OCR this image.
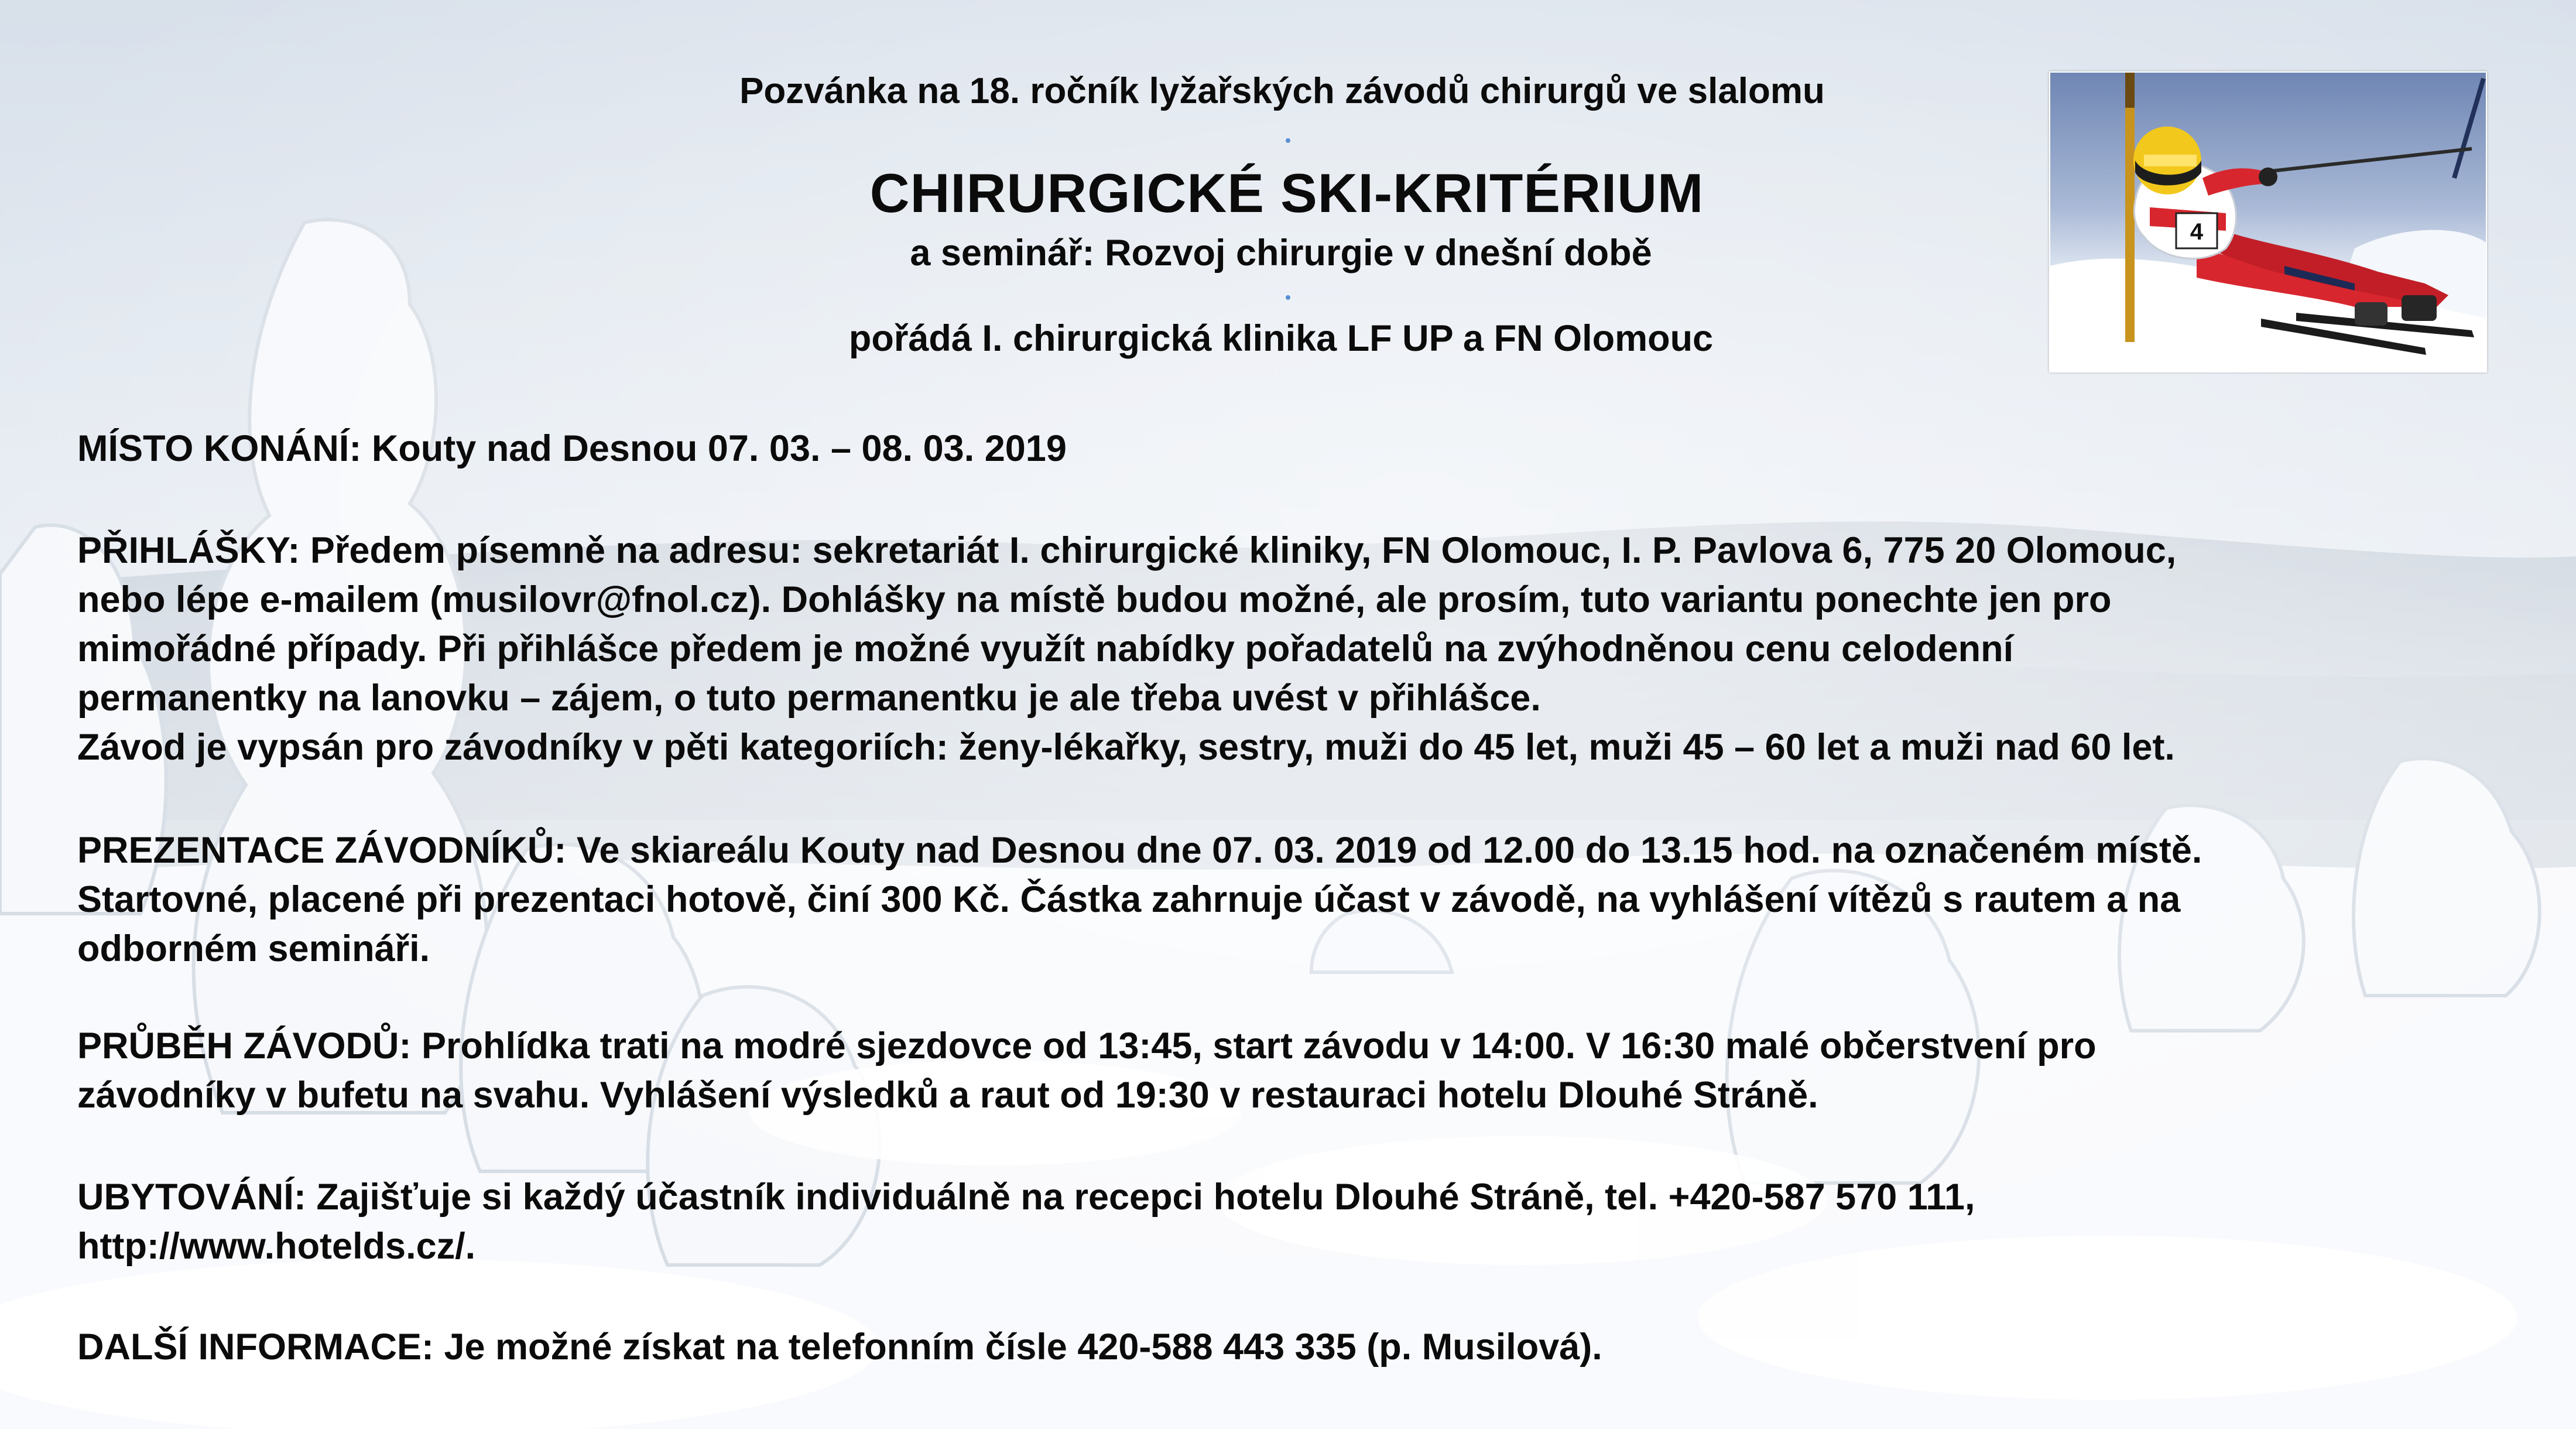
Pozvánka na 18. ročník lyžařských závodů chirurgů ve slalomu
CHIRURGICKÉ SKI-KRITÉRIUM
a seminář: Rozvoj chirurgie v dnešní době
pořádá I. chirurgická klinika LF UP a FN Olomouc
4
MÍSTO KONÁNÍ: Kouty nad Desnou 07. 03. – 08. 03. 2019
PŘIHLÁŠKY: Předem písemně na adresu: sekretariát I. chirurgické kliniky, FN Olomouc, I. P. Pavlova 6, 775 20 Olomouc,
nebo lépe e-mailem (musilovr@fnol.cz). Dohlášky na místě budou možné, ale prosím, tuto variantu ponechte jen pro
mimořádné případy. Při přihlášce předem je možné využít nabídky pořadatelů na zvýhodněnou cenu celodenní
permanentky na lanovku – zájem, o tuto permanentku je ale třeba uvést v přihlášce.
Závod je vypsán pro závodníky v pěti kategoriích: ženy-lékařky, sestry, muži do 45 let, muži 45 – 60 let a muži nad 60 let.
PREZENTACE ZÁVODNÍKŮ: Ve skiareálu Kouty nad Desnou dne 07. 03. 2019 od 12.00 do 13.15 hod. na označeném místě.
Startovné, placené při prezentaci hotově, činí 300 Kč. Částka zahrnuje účast v závodě, na vyhlášení vítězů s rautem a na
odborném semináři.
PRŮBĚH ZÁVODŮ: Prohlídka trati na modré sjezdovce od 13:45, start závodu v 14:00. V 16:30 malé občerstvení pro
závodníky v bufetu na svahu. Vyhlášení výsledků a raut od 19:30 v restauraci hotelu Dlouhé Stráně.
UBYTOVÁNÍ: Zajišťuje si každý účastník individuálně na recepci hotelu Dlouhé Stráně, tel. +420-587 570 111,
http://www.hotelds.cz/.
DALŠÍ INFORMACE: Je možné získat na telefonním čísle 420-588 443 335 (p. Musilová).
